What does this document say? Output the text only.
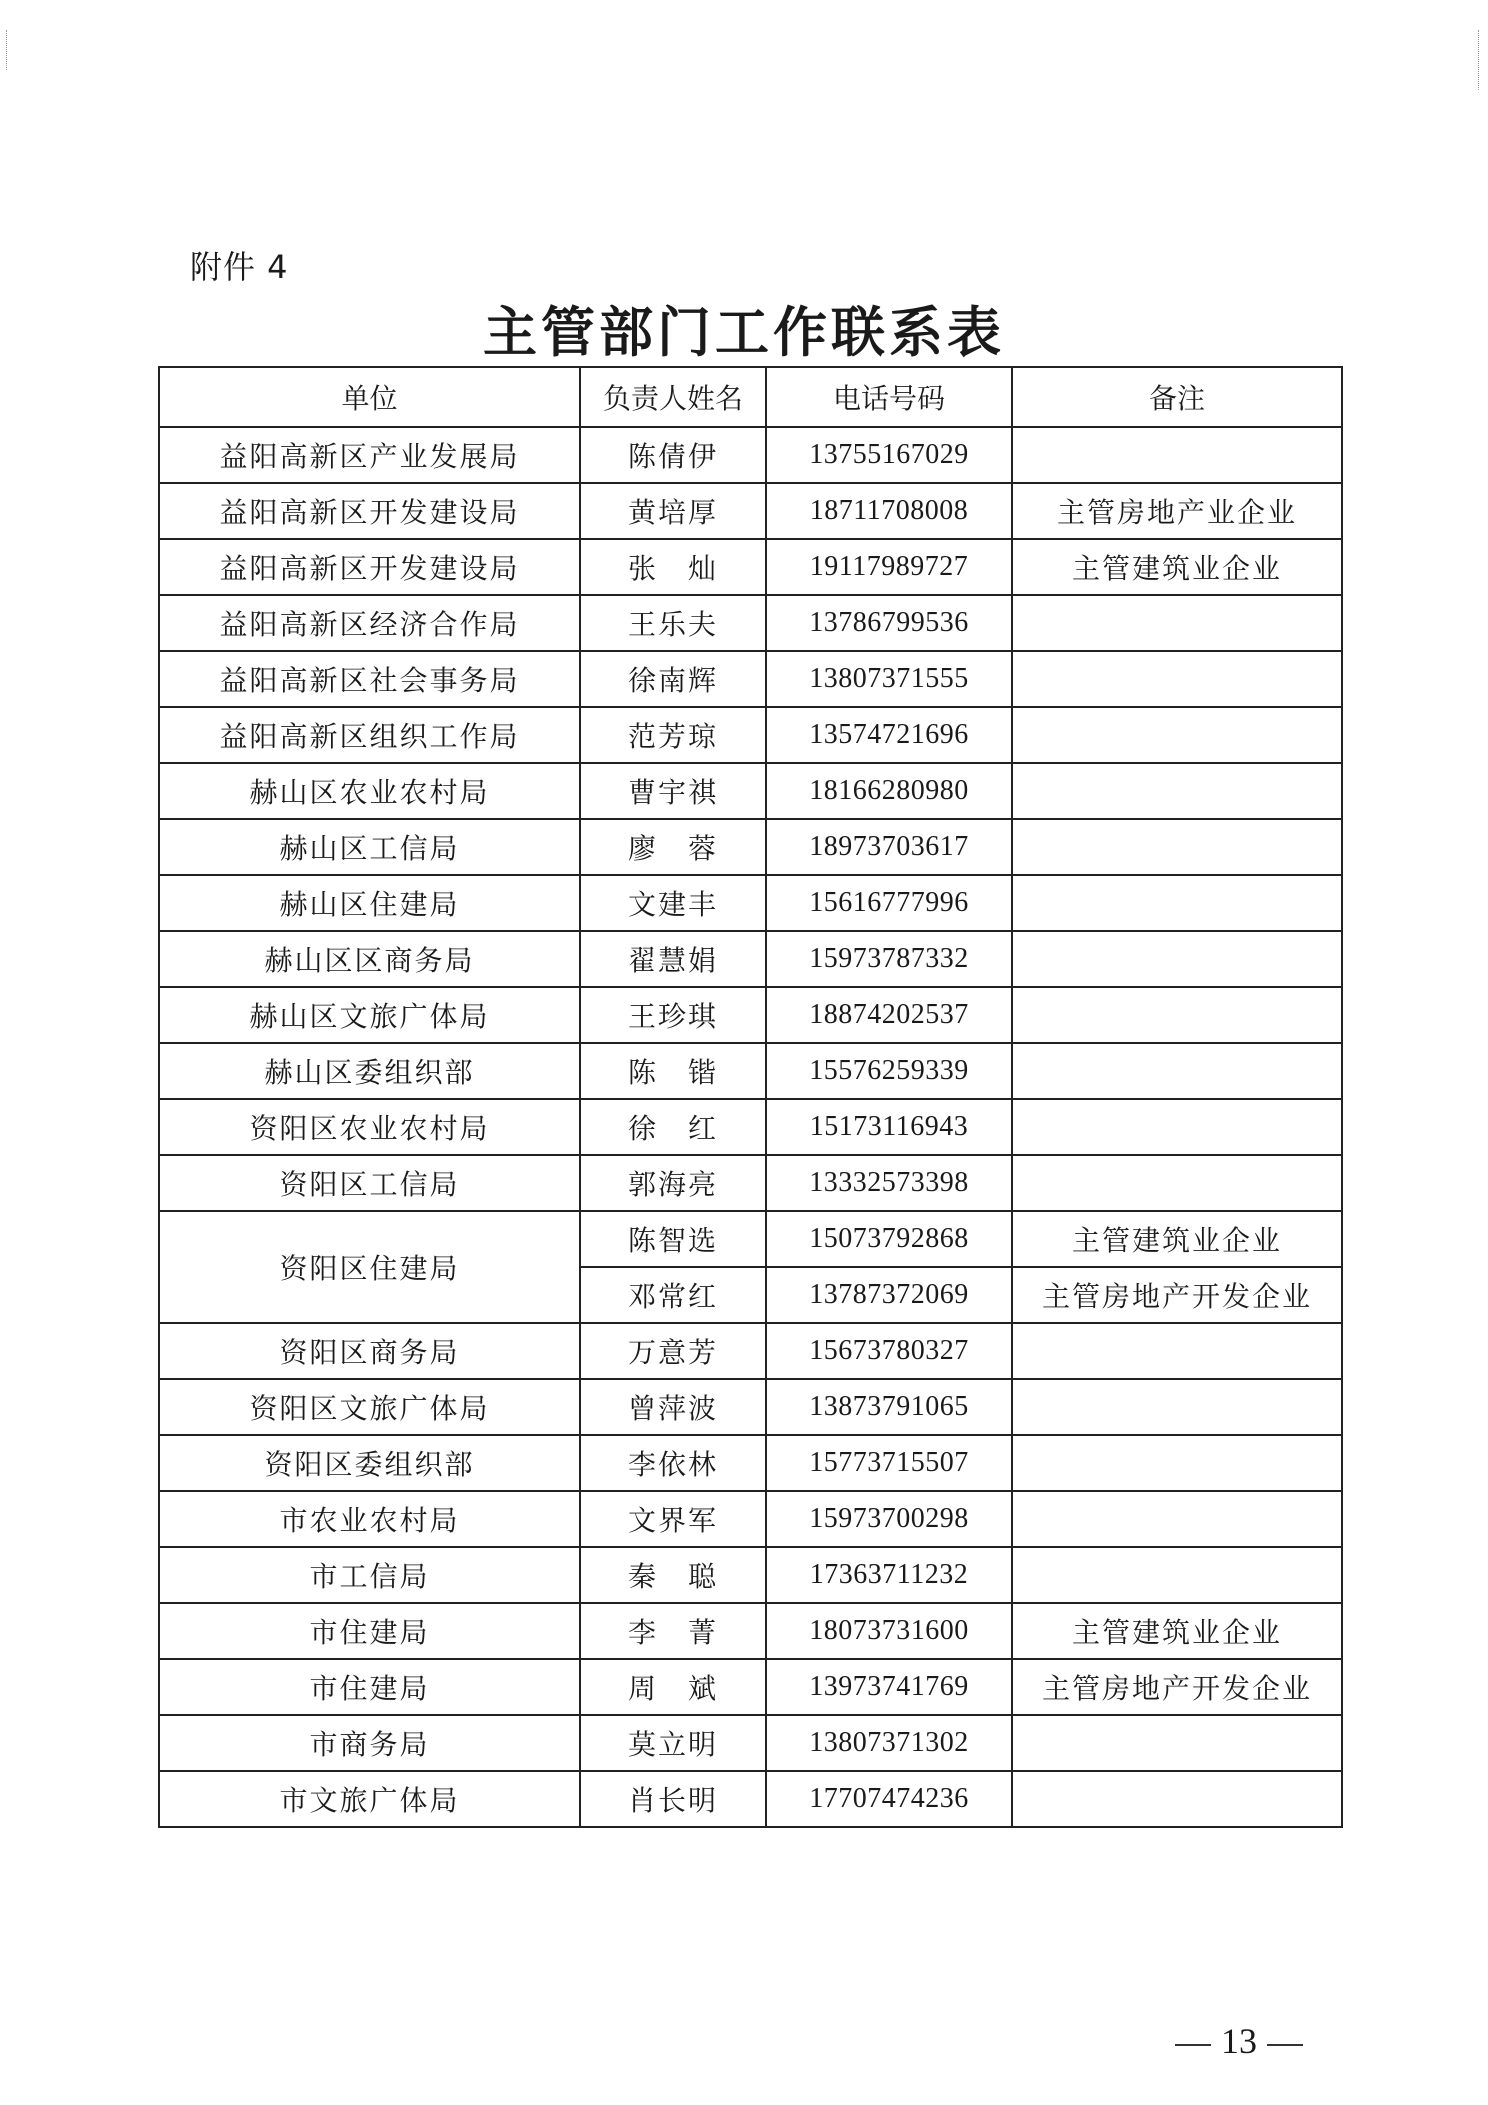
附件 4
主管部门工作联系表
单位	负责人姓名	电话号码	备注
益阳高新区产业发展局	陈倩伊	13755167029	
益阳高新区开发建设局	黄培厚	18711708008	主管房地产业企业
益阳高新区开发建设局	张　灿	19117989727	主管建筑业企业
益阳高新区经济合作局	王乐夫	13786799536	
益阳高新区社会事务局	徐南辉	13807371555	
益阳高新区组织工作局	范芳琼	13574721696	
赫山区农业农村局	曹宇祺	18166280980	
赫山区工信局	廖　蓉	18973703617	
赫山区住建局	文建丰	15616777996	
赫山区区商务局	翟慧娟	15973787332	
赫山区文旅广体局	王珍琪	18874202537	
赫山区委组织部	陈　锴	15576259339	
资阳区农业农村局	徐　红	15173116943	
资阳区工信局	郭海亮	13332573398	
资阳区住建局	陈智选	15073792868	主管建筑业企业
	邓常红	13787372069	主管房地产开发企业
资阳区商务局	万意芳	15673780327	
资阳区文旅广体局	曾萍波	13873791065	
资阳区委组织部	李依林	15773715507	
市农业农村局	文界军	15973700298	
市工信局	秦　聪	17363711232	
市住建局	李　菁	18073731600	主管建筑业企业
市住建局	周　斌	13973741769	主管房地产开发企业
市商务局	莫立明	13807371302	
市文旅广体局	肖长明	17707474236	
13
